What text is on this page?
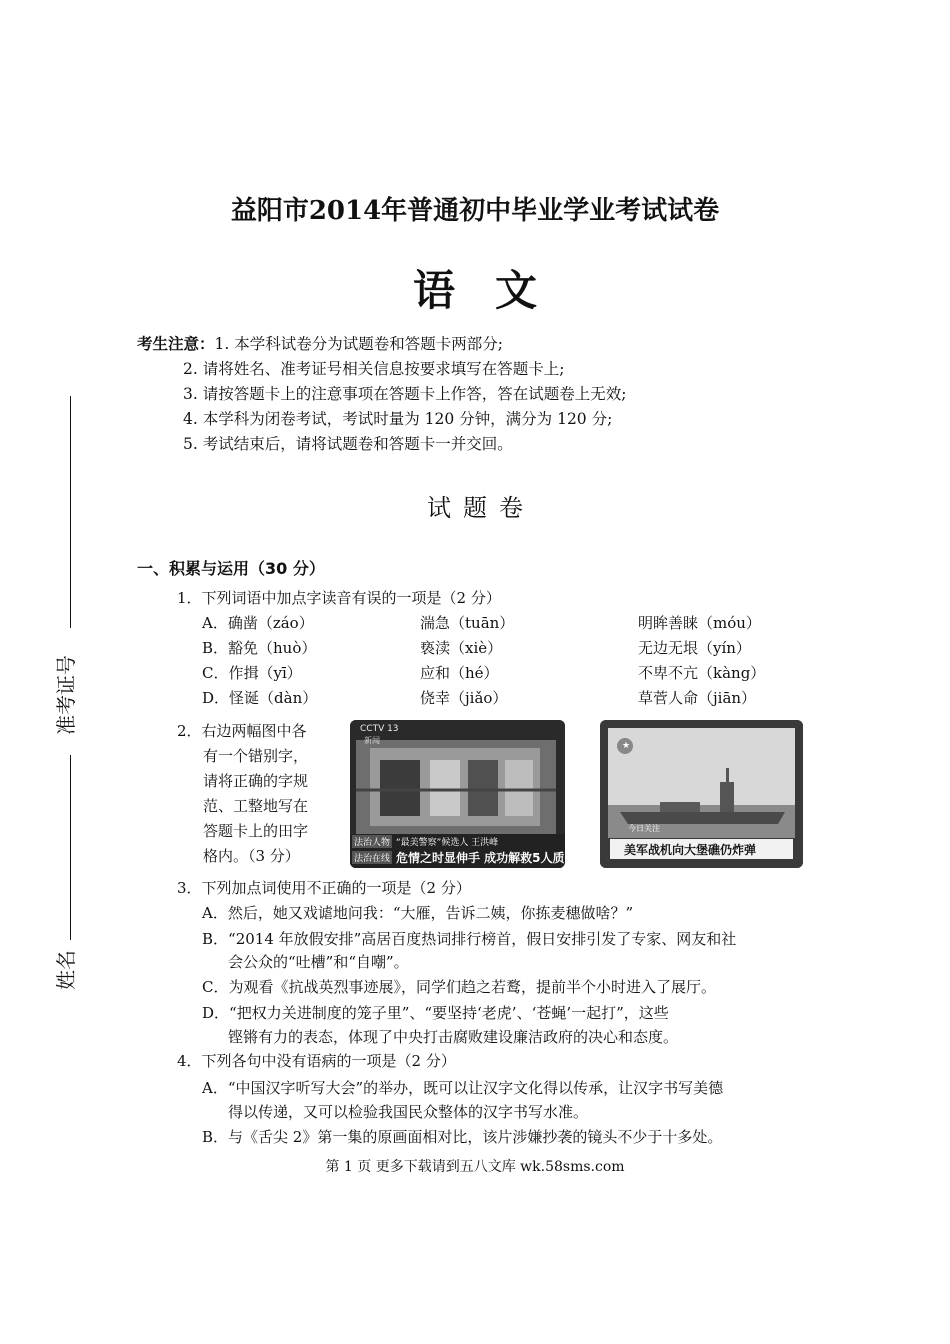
益阳市2014年普通初中毕业学业考试试卷
语文
考生注意：1. 本学科试卷分为试题卷和答题卡两部分;
2. 请将姓名、准考证号相关信息按要求填写在答题卡上;
3. 请按答题卡上的注意事项在答题卡上作答，答在试题卷上无效;
4. 本学科为闭卷考试，考试时量为 120 分钟，满分为 120 分;
5. 考试结束后，请将试题卷和答题卡一并交回。
试题卷
准考证号
姓名
一、积累与运用（30 分）
1．下列词语中加点字读音有误的一项是（2 分）
A．确凿（záo）	湍急（tuān）	明眸善睐（móu）
B．豁免（huò）	亵渎（xiè）	无边无垠（yín）
C．作揖（yī）	应和（hé）	不卑不亢（kàng）
D．怪诞（dàn）	侥幸（jiǎo）	草菅人命（jiān）
2．右边两幅图中各
有一个错别字，
请将正确的字规
范、工整地写在
答题卡上的田字
格内。（3 分）
CCTV 13
新闻
法治人物 “最美警察”候选人 王洪峰
法治在线 危情之时显伸手 成功解救5人质
★
今日关注
美军战机向大堡礁仍炸弹
3．下列加点词使用不正确的一项是（2 分）
A．然后，她又戏谑地问我：“大雁，告诉二姨，你拣麦穗做啥？”
B．“2014 年放假安排”高居百度热词排行榜首，假日安排引发了专家、网友和社
会公众的“吐槽”和“自嘲”。
C．为观看《抗战英烈事迹展》，同学们趋之若鹜，提前半个小时进入了展厅。
D．“把权力关进制度的笼子里”、“要坚持‘老虎’、‘苍蝇’一起打”，这些
铿锵有力的表态，体现了中央打击腐败建设廉洁政府的决心和态度。
4．下列各句中没有语病的一项是（2 分）
A．“中国汉字听写大会”的举办，既可以让汉字文化得以传承，让汉字书写美德
得以传递，又可以检验我国民众整体的汉字书写水准。
B．与《舌尖 2》第一集的原画面相对比，该片涉嫌抄袭的镜头不少于十多处。
第 1 页 更多下载请到五八文库 wk.58sms.com
